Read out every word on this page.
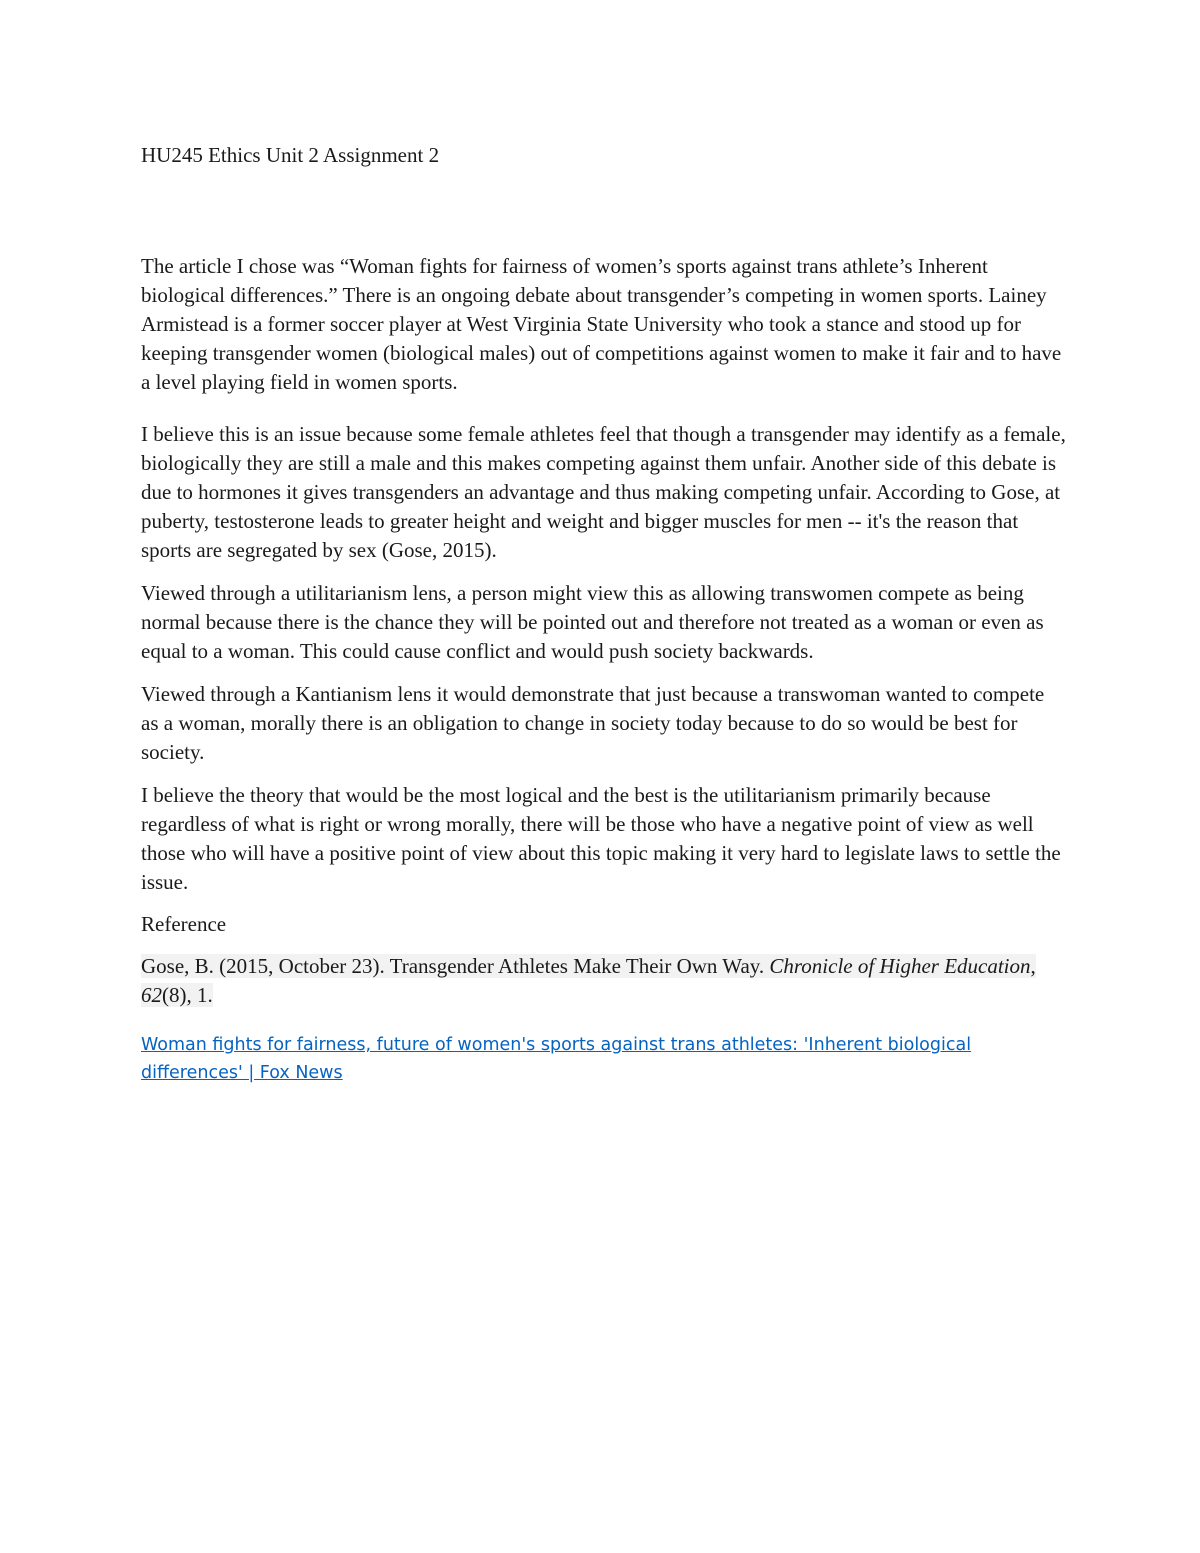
HU245 Ethics Unit 2 Assignment 2

The article I chose was “Woman fights for fairness of women’s sports against trans athlete’s Inherent biological differences.” There is an ongoing debate about transgender’s competing in women sports. Lainey Armistead is a former soccer player at West Virginia State University who took a stance and stood up for keeping transgender women (biological males) out of competitions against women to make it fair and to have a level playing field in women sports.

I believe this is an issue because some female athletes feel that though a transgender may identify as a female, biologically they are still a male and this makes competing against them unfair. Another side of this debate is due to hormones it gives transgenders an advantage and thus making competing unfair. According to Gose, at puberty, testosterone leads to greater height and weight and bigger muscles for men -- it's the reason that sports are segregated by sex (Gose, 2015).

Viewed through a utilitarianism lens, a person might view this as allowing transwomen compete as being normal because there is the chance they will be pointed out and therefore not treated as a woman or even as equal to a woman. This could cause conflict and would push society backwards.

Viewed through a Kantianism lens it would demonstrate that just because a transwoman wanted to compete as a woman, morally there is an obligation to change in society today because to do so would be best for society.

I believe the theory that would be the most logical and the best is the utilitarianism primarily because regardless of what is right or wrong morally, there will be those who have a negative point of view as well those who will have a positive point of view about this topic making it very hard to legislate laws to settle the issue.

Reference

Gose, B. (2015, October 23). Transgender Athletes Make Their Own Way. Chronicle of Higher Education, 62(8), 1.

Woman fights for fairness, future of women's sports against trans athletes: 'Inherent biological differences' | Fox News
